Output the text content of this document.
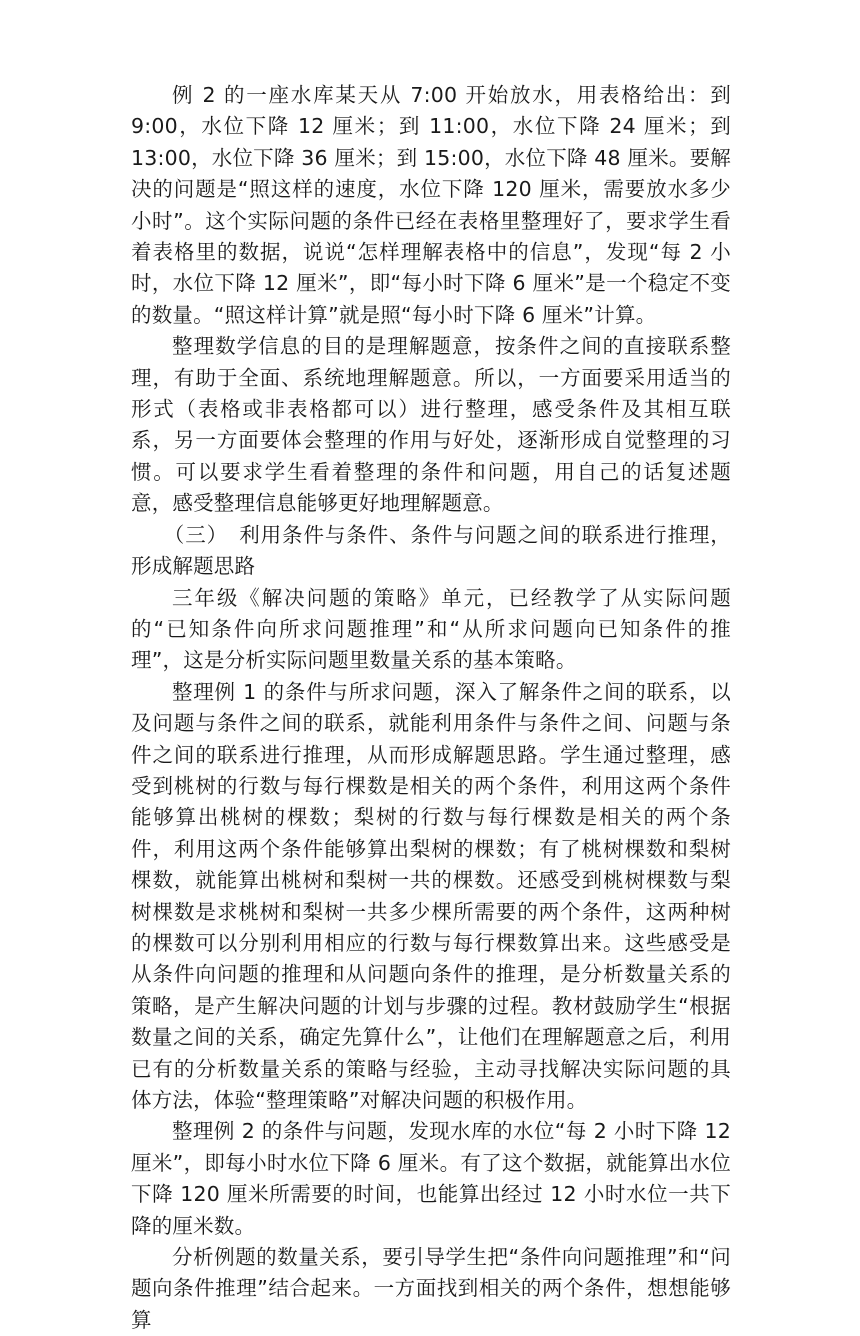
例 2 的一座水库某天从 7:00 开始放水，用表格给出：到 9:00，水位下降 12 厘米；到 11:00，水位下降 24 厘米；到 13:00，水位下降 36 厘米；到 15:00，水位下降 48 厘米。要解决的问题是“照这样的速度，水位下降 120 厘米，需要放水多少小时”。这个实际问题的条件已经在表格里整理好了，要求学生看着表格里的数据，说说“怎样理解表格中的信息”，发现“每 2 小时，水位下降 12 厘米”，即“每小时下降 6 厘米”是一个稳定不变的数量。“照这样计算”就是照“每小时下降 6 厘米”计算。

整理数学信息的目的是理解题意，按条件之间的直接联系整理，有助于全面、系统地理解题意。所以，一方面要采用适当的形式（表格或非表格都可以）进行整理，感受条件及其相互联系，另一方面要体会整理的作用与好处，逐渐形成自觉整理的习惯。可以要求学生看着整理的条件和问题，用自己的话复述题意，感受整理信息能够更好地理解题意。

（三）　利用条件与条件、条件与问题之间的联系进行推理，形成解题思路

三年级《解决问题的策略》单元，已经教学了从实际问题的“已知条件向所求问题推理”和“从所求问题向已知条件的推理”，这是分析实际问题里数量关系的基本策略。

整理例 1 的条件与所求问题，深入了解条件之间的联系，以及问题与条件之间的联系，就能利用条件与条件之间、问题与条件之间的联系进行推理，从而形成解题思路。学生通过整理，感受到桃树的行数与每行棵数是相关的两个条件，利用这两个条件能够算出桃树的棵数；梨树的行数与每行棵数是相关的两个条件，利用这两个条件能够算出梨树的棵数；有了桃树棵数和梨树棵数，就能算出桃树和梨树一共的棵数。还感受到桃树棵数与梨树棵数是求桃树和梨树一共多少棵所需要的两个条件，这两种树的棵数可以分别利用相应的行数与每行棵数算出来。这些感受是从条件向问题的推理和从问题向条件的推理，是分析数量关系的策略，是产生解决问题的计划与步骤的过程。教材鼓励学生“根据数量之间的关系，确定先算什么”，让他们在理解题意之后，利用已有的分析数量关系的策略与经验，主动寻找解决实际问题的具体方法，体验“整理策略”对解决问题的积极作用。

整理例 2 的条件与问题，发现水库的水位“每 2 小时下降 12 厘米”，即每小时水位下降 6 厘米。有了这个数据，就能算出水位下降 120 厘米所需要的时间，也能算出经过 12 小时水位一共下降的厘米数。

分析例题的数量关系，要引导学生把“条件向问题推理”和“问题向条件推理”结合起来。一方面找到相关的两个条件，想想能够算
